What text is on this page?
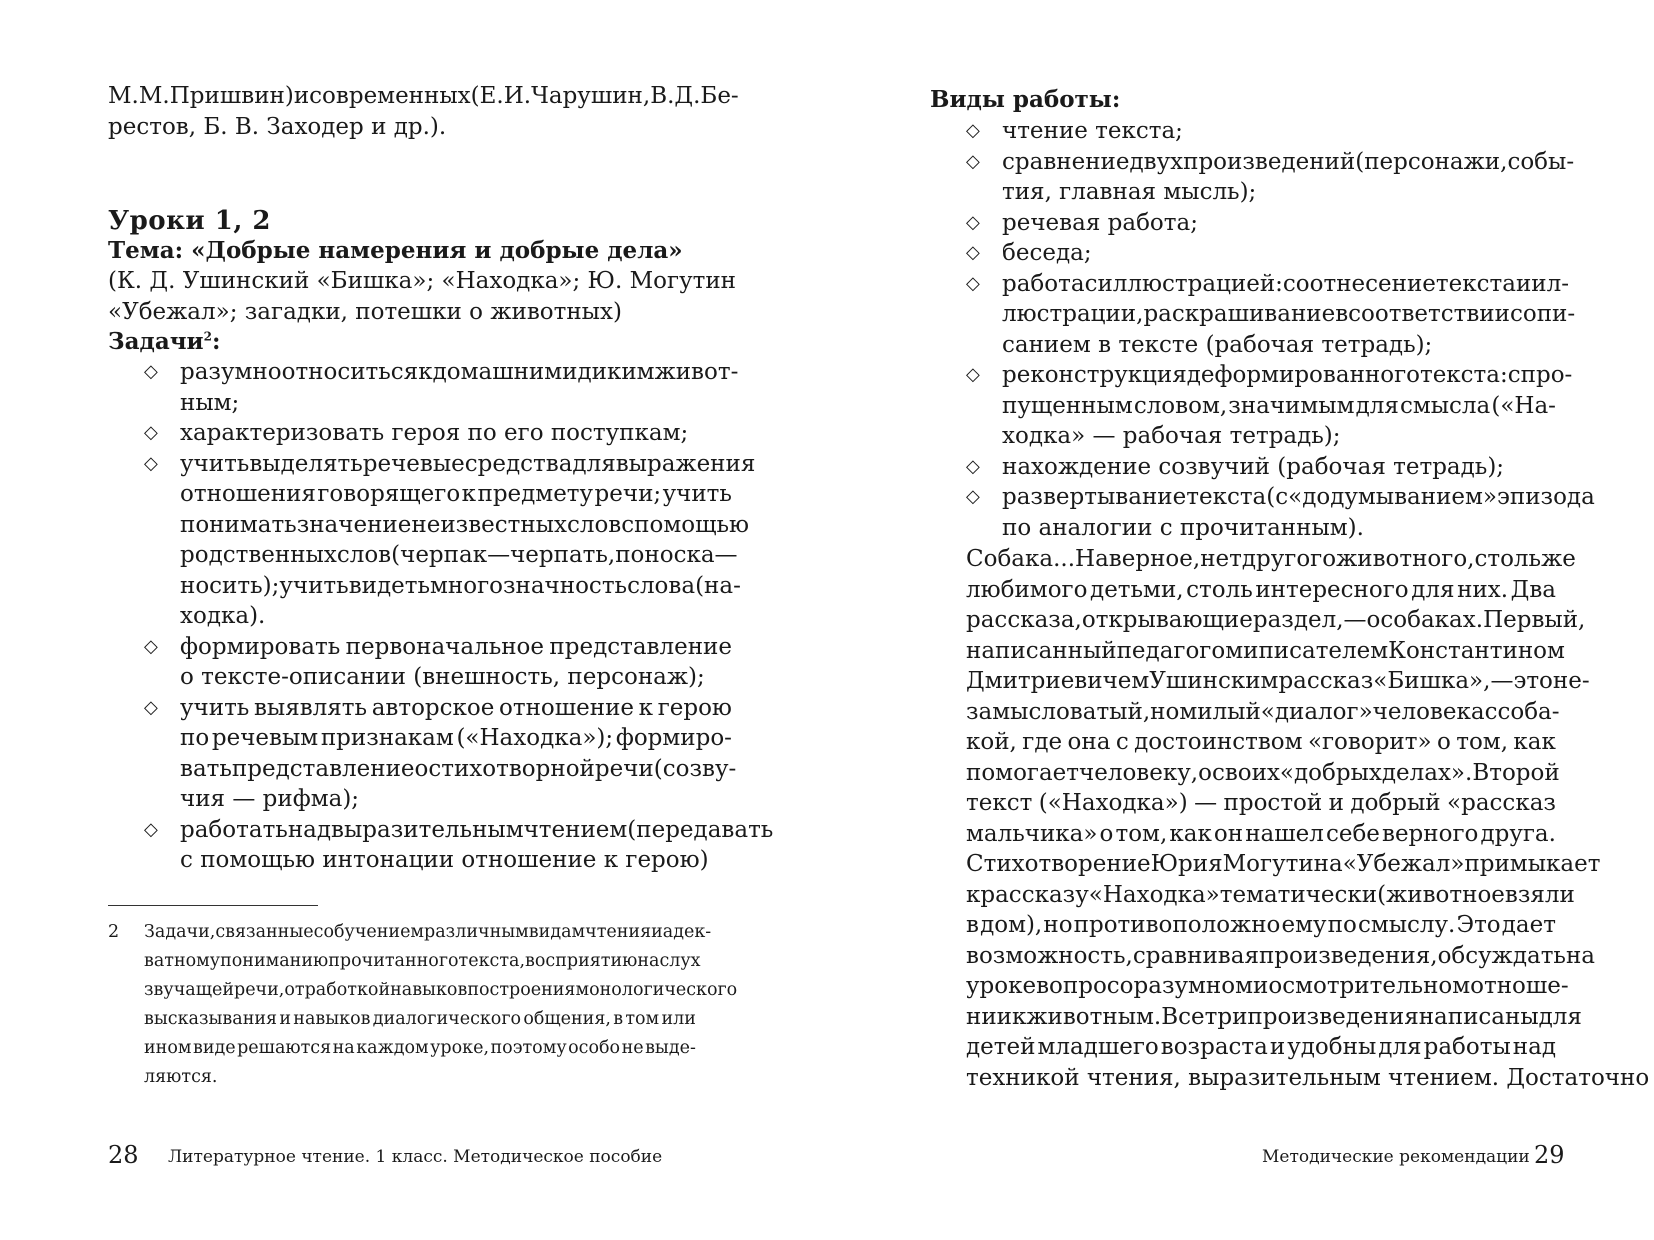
М. М. Пришвин) и современных (Е. И. Чарушин, В. Д. Бе-
рестов, Б. В. Заходер и др.).
Уроки 1, 2
Тема: «Добрые намерения и добрые дела»
(К. Д. Ушинский «Бишка»; «Находка»; Ю. Могутин
«Убежал»; загадки, потешки о животных)
Задачи$^2$:
◇ разумно относиться к домашним и диким живот-
ным;
◇ характеризовать героя по его поступкам;
◇ учить выделять речевые средства для выражения
отношения говорящего к предмету речи; учить
понимать значение неизвестных слов с помощью
родственных слов (черпак — черпать, поноска —
носить); учить видеть многозначность слова (на-
ходка).
◇ формировать первоначальное представление
о тексте-описании (внешность, персонаж);
◇ учить выявлять авторское отношение к герою
по речевым признакам («Находка»); формиро-
вать представление о стихотворной речи (созву-
чия — рифма);
◇ работать над выразительным чтением (передавать
с помощью интонации отношение к герою)
2 Задачи, связанные с обучением различным видам чтения и адек-
ватному пониманию прочитанного текста, восприятию на слух
звучащей речи, отработкой навыков построения монологического
высказывания и навыков диалогического общения, в том или
ином виде решаются на каждом уроке, поэтому особо не выде-
ляются.
28 Литературное чтение. 1 класс. Методическое пособие
Виды работы:
◇ чтение текста;
◇ сравнение двух произведений (персонажи, собы-
тия, главная мысль);
◇ речевая работа;
◇ беседа;
◇ работа с иллюстрацией: соотнесение текста и ил-
люстрации, раскрашивание в соответствии с опи-
санием в тексте (рабочая тетрадь);
◇ реконструкция деформированного текста: с про-
пущенным словом, значимым для смысла («На-
ходка» — рабочая тетрадь);
◇ нахождение созвучий (рабочая тетрадь);
◇ развертывание текста (с «додумыванием» эпизода
по аналогии с прочитанным).
Собака... Наверное, нет другого животного, столь же
любимого детьми, столь интересного для них. Два
рассказа, открывающие раздел,— о собаках. Первый,
написанный педагогом и писателем Константином
Дмитриевичем Ушинским рассказ «Бишка»,— это не-
замысловатый, но милый «диалог» человека с соба-
кой, где она с достоинством «говорит» о том, как
помогает человеку, о своих «добрых делах». Второй
текст («Находка») — простой и добрый «рассказ
мальчика» о том, как он нашел себе верного друга.
Стихотворение Юрия Могутина «Убежал» примыкает
к рассказу «Находка» тематически (животное взяли
в дом), но противоположно ему по смыслу. Это дает
возможность, сравнивая произведения, обсуждать на
уроке вопрос о разумном и осмотрительном отноше-
нии к животным. Все три произведения написаны для
детей младшего возраста и удобны для работы над
техникой чтения, выразительным чтением. Достаточно
Методические рекомендации 29
